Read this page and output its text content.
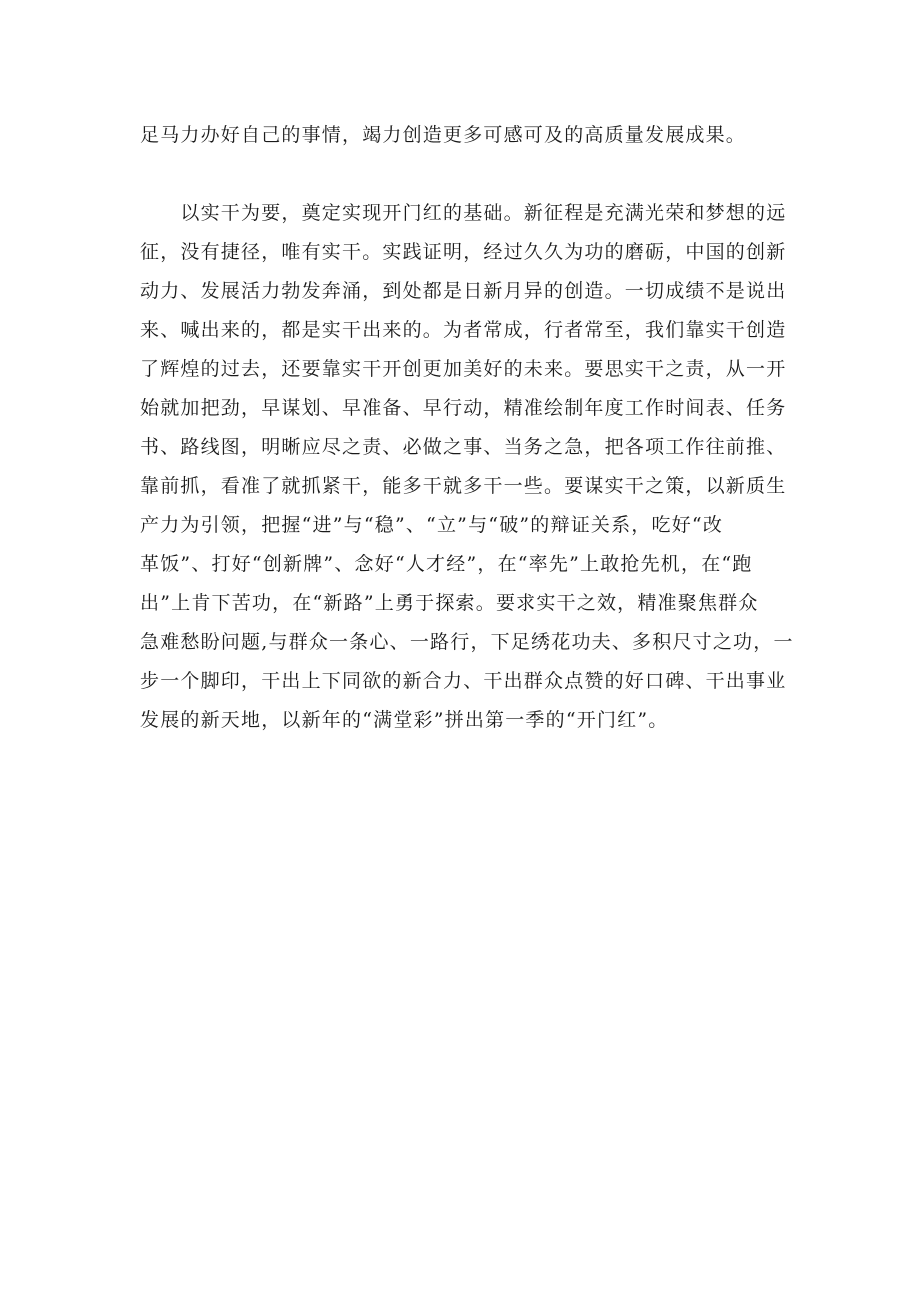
足马力办好自己的事情，竭力创造更多可感可及的高质量发展成果。
　　以实干为要，奠定实现开门红的基础。新征程是充满光荣和梦想的远
征，没有捷径，唯有实干。实践证明，经过久久为功的磨砺，中国的创新
动力、发展活力勃发奔涌，到处都是日新月异的创造。一切成绩不是说出
来、喊出来的，都是实干出来的。为者常成，行者常至，我们靠实干创造
了辉煌的过去，还要靠实干开创更加美好的未来。要思实干之责，从一开
始就加把劲，早谋划、早准备、早行动，精准绘制年度工作时间表、任务
书、路线图，明晰应尽之责、必做之事、当务之急，把各项工作往前推、
靠前抓，看准了就抓紧干，能多干就多干一些。要谋实干之策，以新质生
产力为引领，把握“进”与“稳”、“立”与“破”的辩证关系，吃好“改
革饭”、打好“创新牌”、念好“人才经”，在“率先”上敢抢先机，在“跑
出”上肯下苦功，在“新路”上勇于探索。要求实干之效，精准聚焦群众
急难愁盼问题,与群众一条心、一路行，下足绣花功夫、多积尺寸之功，一
步一个脚印，干出上下同欲的新合力、干出群众点赞的好口碑、干出事业
发展的新天地，以新年的“满堂彩”拼出第一季的“开门红”。
